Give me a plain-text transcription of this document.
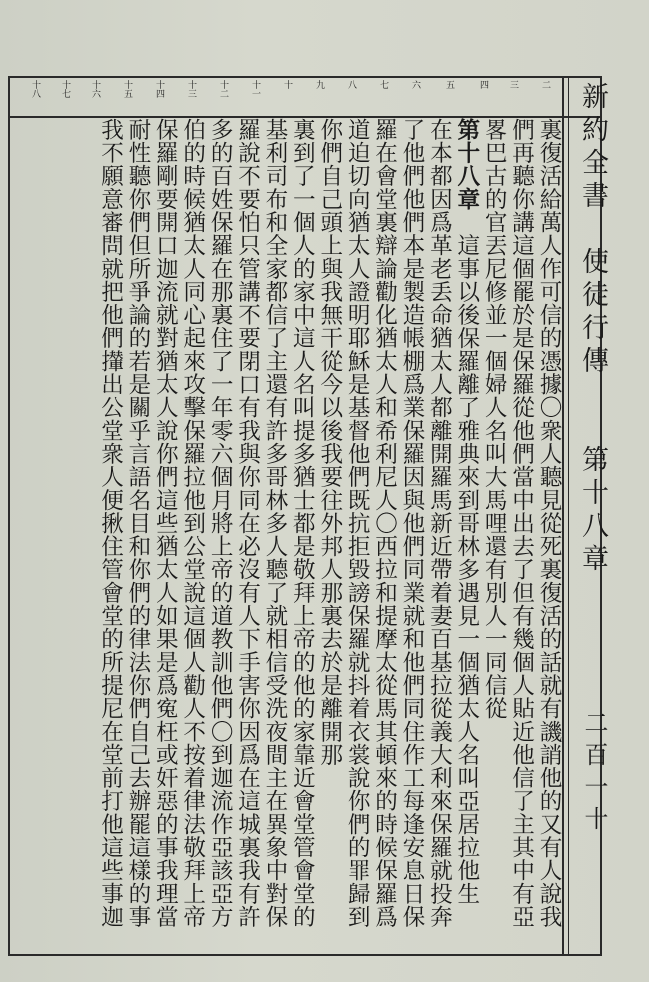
新約全書　使徒行傳　　第十八章
二百一十
二
三
四
五
六
七
八
九
十
十一
十二
十三
十四
十五
十六
十七
十八

裏復活給萬人作可信的憑據〇衆人聽見從死裏復活的話就有譏誚他的又有人說我

們再聽你講這個罷於是保羅從他們當中出去了但有幾個人貼近他信了主其中有亞

畧巴古的官丟尼修並一個婦人名叫大馬哩還有別人一同信從

第十八章　這事以後保羅離了雅典來到哥林多遇見一個猶太人名叫亞居拉他生

在本都因爲革老丢命猶太人都離開羅馬新近帶着妻百基拉從義大利來保羅就投奔

了他們他們本是製造帳棚爲業保羅因與他們同業就和他們同住作工每逢安息日保

羅在會堂裏辯論勸化猶太人和希利尼人〇西拉和提摩太從馬其頓來的時候保羅爲

道迫切向猶太人證明耶穌是基督他們既抗拒毀謗保羅就抖着衣裳說你們的罪歸到

你們自己頭上與我無干從今以後我要往外邦人那裏去於是離開那

裏到了一個人的家中這人名叫提多猶士都是敬拜上帝的他的家靠近會堂管會堂的

基利司布和全家都信了主還有許多哥林多人聽了就相信受洗夜間主在異象中對保

羅說不要怕只管講不要閉口有我與你同在必沒有人下手害你因爲在這城裏我有許

多的百姓保羅在那裏住了一年零六個月將上帝的道教訓他們〇到迦流作亞該亞方

伯的時候猶太人同心起來攻擊保羅拉他到公堂說這個人勸人不按着律法敬拜上帝

保羅剛要開口迦流就對猶太人說你們這些猶太人如果是爲寃枉或奸惡的事我理當

耐性聽你們但所爭論的若是關乎言語名目和你們的律法你們自己去辦罷這樣的事

我不願意審問就把他們攆出公堂衆人便揪住管會堂的所提尼在堂前打他這些事迦
